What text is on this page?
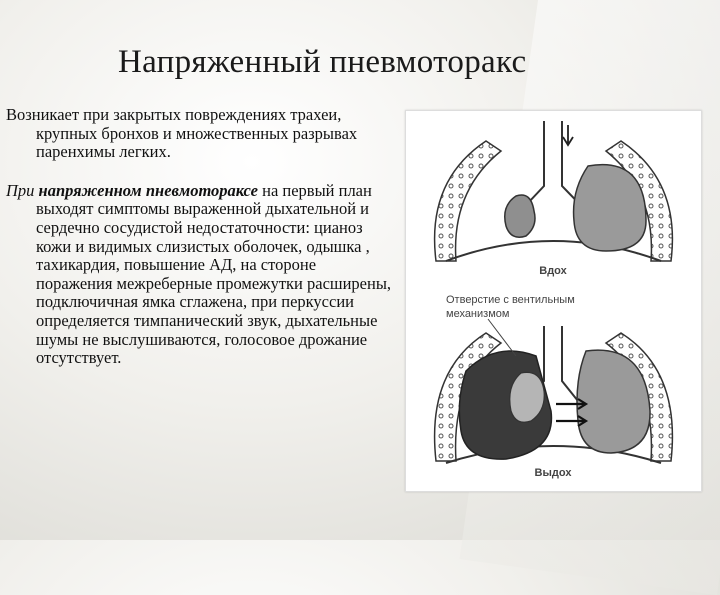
Напряженный пневмоторакс

Возникает при закрытых повреждениях трахеи, крупных бронхов и множественных разрывах паренхимы легких.

При напряженном пневмотораксе на первый план выходят симптомы выраженной дыхательной и сердечно сосудистой недостаточности: цианоз кожи и видимых слизистых оболочек, одышка , тахикардия, повышение АД, на стороне поражения межреберные промежутки расширены, подключичная ямка сглажена, при перкуссии определяется тимпанический звук, дыхательные шумы не выслушиваются, голосовое дрожание отсутствует.

Вдох
Отверстие с вентильным
механизмом
Выдох
